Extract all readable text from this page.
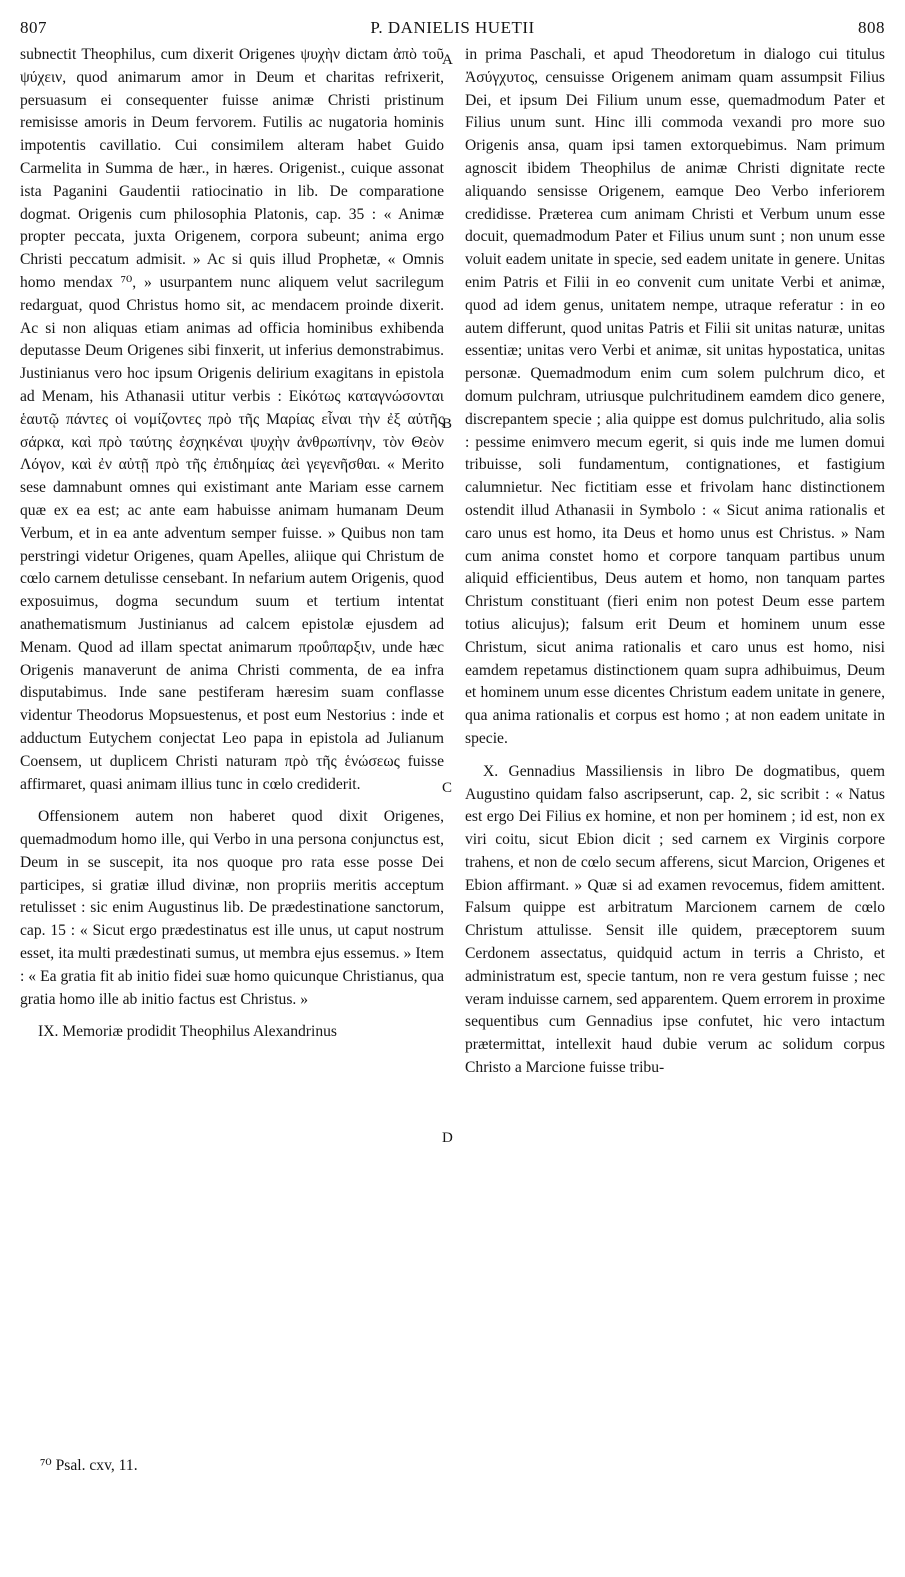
807	P. DANIELIS HUETII	808

subnectit Theophilus, cum dixerit Origenes ψυχὴν dictam ἀπὸ τοῦ ψύχειν, quod animarum amor in Deum et charitas refrixerit, persuasum ei consequenter fuisse animæ Christi pristinum remisisse amoris in Deum fervorem. Futilis ac nugatoria hominis impotentis cavillatio. Cui consimilem alteram habet Guido Carmelita in Summa de hær., in hæres. Origenist., cuique assonat ista Paganini Gaudentii ratiocinatio in lib. De comparatione dogmat. Origenis cum philosophia Platonis, cap. 35 : « Animæ propter peccata, juxta Origenem, corpora subeunt; anima ergo Christi peccatum admisit. » Ac si quis illud Prophetæ, « Omnis homo mendax ⁷⁰, » usurpantem nunc aliquem velut sacrilegum redarguat, quod Christus homo sit, ac mendacem proinde dixerit. Ac si non aliquas etiam animas ad officia hominibus exhibenda deputasse Deum Origenes sibi finxerit, ut inferius demonstrabimus. Justinianus vero hoc ipsum Origenis delirium exagitans in epistola ad Menam, his Athanasii utitur verbis : Εἰκότως καταγνώσονται ἑαυτῷ πάντες οἱ νομίζοντες πρὸ τῆς Μαρίας εἶναι τὴν ἐξ αὐτῆς σάρκα, καὶ πρὸ ταύτης ἐσχηκέναι ψυχὴν ἀνθρωπίνην, τὸν Θεὸν Λόγον, καὶ ἐν αὐτῇ πρὸ τῆς ἐπιδημίας ἀεὶ γεγενῆσθαι. « Merito sese damnabunt omnes qui existimant ante Mariam esse carnem quæ ex ea est; ac ante eam habuisse animam humanam Deum Verbum, et in ea ante adventum semper fuisse. » Quibus non tam perstringi videtur Origenes, quam Apelles, aliique qui Christum de cœlo carnem detulisse censebant. In nefarium autem Origenis, quod exposuimus, dogma secundum suum et tertium intentat anathematismum Justinianus ad calcem epistolæ ejusdem ad Menam. Quod ad illam spectat animarum προΰπαρξιν, unde hæc Origenis manaverunt de anima Christi commenta, de ea infra disputabimus. Inde sane pestiferam hæresim suam conflasse videntur Theodorus Mopsuestenus, et post eum Nestorius : inde et adductum Eutychem conjectat Leo papa in epistola ad Julianum Coensem, ut duplicem Christi naturam πρὸ τῆς ἑνώσεως fuisse affirmaret, quasi animam illius tunc in cœlo crediderit.

Offensionem autem non haberet quod dixit Origenes, quemadmodum homo ille, qui Verbo in una persona conjunctus est, Deum in se suscepit, ita nos quoque pro rata esse posse Dei participes, si gratiæ illud divinæ, non propriis meritis acceptum retulisset : sic enim Augustinus lib. De prædestinatione sanctorum, cap. 15 : « Sicut ergo prædestinatus est ille unus, ut caput nostrum esset, ita multi prædestinati sumus, ut membra ejus essemus. » Item : « Ea gratia fit ab initio fidei suæ homo quicunque Christianus, qua gratia homo ille ab initio factus est Christus. »

IX. Memoriæ prodidit Theophilus Alexandrinus

in prima Paschali, et apud Theodoretum in dialogo cui titulus Ἀσύγχυτος, censuisse Origenem animam quam assumpsit Filius Dei, et ipsum Dei Filium unum esse, quemadmodum Pater et Filius unum sunt. Hinc illi commoda vexandi pro more suo Origenis ansa, quam ipsi tamen extorquebimus. Nam primum agnoscit ibidem Theophilus de animæ Christi dignitate recte aliquando sensisse Origenem, eamque Deo Verbo inferiorem credidisse. Præterea cum animam Christi et Verbum unum esse docuit, quemadmodum Pater et Filius unum sunt ; non unum esse voluit eadem unitate in specie, sed eadem unitate in genere. Unitas enim Patris et Filii in eo convenit cum unitate Verbi et animæ, quod ad idem genus, unitatem nempe, utraque referatur : in eo autem differunt, quod unitas Patris et Filii sit unitas naturæ, unitas essentiæ; unitas vero Verbi et animæ, sit unitas hypostatica, unitas personæ. Quemadmodum enim cum solem pulchrum dico, et domum pulchram, utriusque pulchritudinem eamdem dico genere, discrepantem specie ; alia quippe est domus pulchritudo, alia solis : pessime enimvero mecum egerit, si quis inde me lumen domui tribuisse, soli fundamentum, contignationes, et fastigium calumnietur. Nec fictitiam esse et frivolam hanc distinctionem ostendit illud Athanasii in Symbolo : « Sicut anima rationalis et caro unus est homo, ita Deus et homo unus est Christus. » Nam cum anima constet homo et corpore tanquam partibus unum aliquid efficientibus, Deus autem et homo, non tanquam partes Christum constituant (fieri enim non potest Deum esse partem totius alicujus); falsum erit Deum et hominem unum esse Christum, sicut anima rationalis et caro unus est homo, nisi eamdem repetamus distinctionem quam supra adhibuimus, Deum et hominem unum esse dicentes Christum eadem unitate in genere, qua anima rationalis et corpus est homo ; at non eadem unitate in specie.

X. Gennadius Massiliensis in libro De dogmatibus, quem Augustino quidam falso ascripserunt, cap. 2, sic scribit : « Natus est ergo Dei Filius ex homine, et non per hominem ; id est, non ex viri coitu, sicut Ebion dicit ; sed carnem ex Virginis corpore trahens, et non de cœlo secum afferens, sicut Marcion, Origenes et Ebion affirmant. » Quæ si ad examen revocemus, fidem amittent. Falsum quippe est arbitratum Marcionem carnem de cœlo Christum attulisse. Sensit ille quidem, præceptorem suum Cerdonem assectatus, quidquid actum in terris a Christo, et administratum est, specie tantum, non re vera gestum fuisse ; nec veram induisse carnem, sed apparentem. Quem errorem in proxime sequentibus cum Gennadius ipse confutet, hic vero intactum prætermittat, intellexit haud dubie verum ac solidum corpus Christo a Marcione fuisse tribu-

A
B
C
D
⁷⁰ Psal. cxv, 11.
